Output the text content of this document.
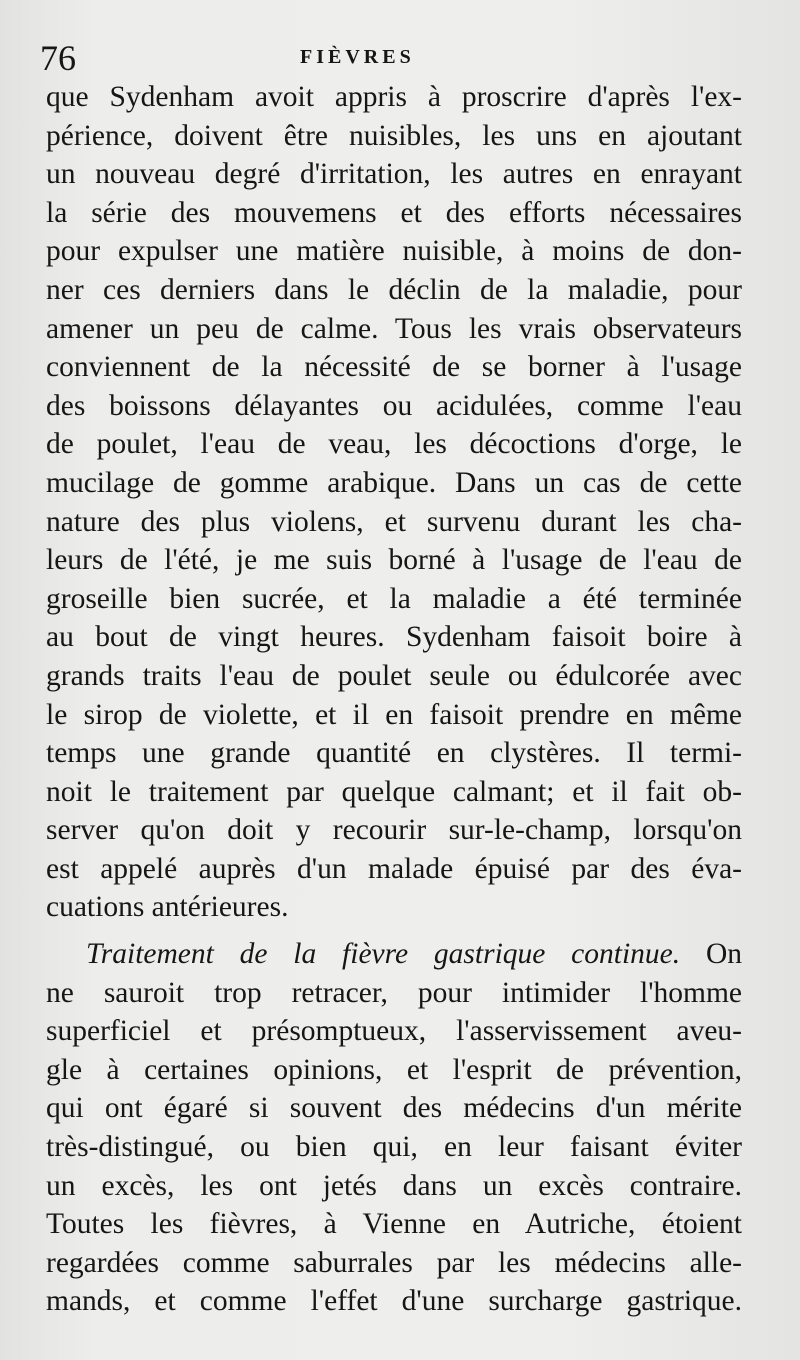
76	FIÈVRES
que Sydenham avoit appris à proscrire d'après l'ex-
périence, doivent être nuisibles, les uns en ajoutant
un nouveau degré d'irritation, les autres en enrayant
la série des mouvemens et des efforts nécessaires
pour expulser une matière nuisible, à moins de don-
ner ces derniers dans le déclin de la maladie, pour
amener un peu de calme. Tous les vrais observateurs
conviennent de la nécessité de se borner à l'usage
des boissons délayantes ou acidulées, comme l'eau
de poulet, l'eau de veau, les décoctions d'orge, le
mucilage de gomme arabique. Dans un cas de cette
nature des plus violens, et survenu durant les cha-
leurs de l'été, je me suis borné à l'usage de l'eau de
groseille bien sucrée, et la maladie a été terminée
au bout de vingt heures. Sydenham faisoit boire à
grands traits l'eau de poulet seule ou édulcorée avec
le sirop de violette, et il en faisoit prendre en même
temps une grande quantité en clystères. Il termi-
noit le traitement par quelque calmant; et il fait ob-
server qu'on doit y recourir sur-le-champ, lorsqu'on
est appelé auprès d'un malade épuisé par des éva-
cuations antérieures.
Traitement de la fièvre gastrique continue. On
ne sauroit trop retracer, pour intimider l'homme
superficiel et présomptueux, l'asservissement aveu-
gle à certaines opinions, et l'esprit de prévention,
qui ont égaré si souvent des médecins d'un mérite
très-distingué, ou bien qui, en leur faisant éviter
un excès, les ont jetés dans un excès contraire.
Toutes les fièvres, à Vienne en Autriche, étoient
regardées comme saburrales par les médecins alle-
mands, et comme l'effet d'une surcharge gastrique.
